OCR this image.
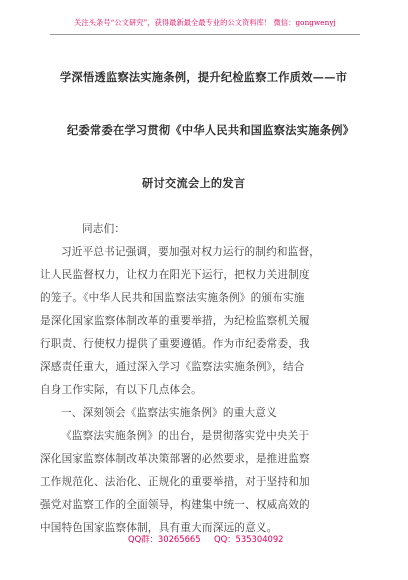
关注头条号“公文研究”，获得最新最全最专业的公文资料库！ 微信：gongwenyj
学深悟透监察法实施条例，提升纪检监察工作质效——市
纪委常委在学习贯彻《中华人民共和国监察法实施条例》
研讨交流会上的发言
同志们：
习近平总书记强调，要加强对权力运行的制约和监督，
让人民监督权力，让权力在阳光下运行，把权力关进制度
的笼子。《中华人民共和国监察法实施条例》的颁布实施
是深化国家监察体制改革的重要举措，为纪检监察机关履
行职责、行使权力提供了重要遵循。作为市纪委常委，我
深感责任重大，通过深入学习《监察法实施条例》，结合
自身工作实际，有以下几点体会。
一、深刻领会《监察法实施条例》的重大意义
《监察法实施条例》的出台，是贯彻落实党中央关于
深化国家监察体制改革决策部署的必然要求，是推进监察
工作规范化、法治化、正规化的重要举措，对于坚持和加
强党对监察工作的全面领导，构建集中统一、权威高效的
中国特色国家监察体制，具有重大而深远的意义。
QQ群：30265665 QQ：535304092
